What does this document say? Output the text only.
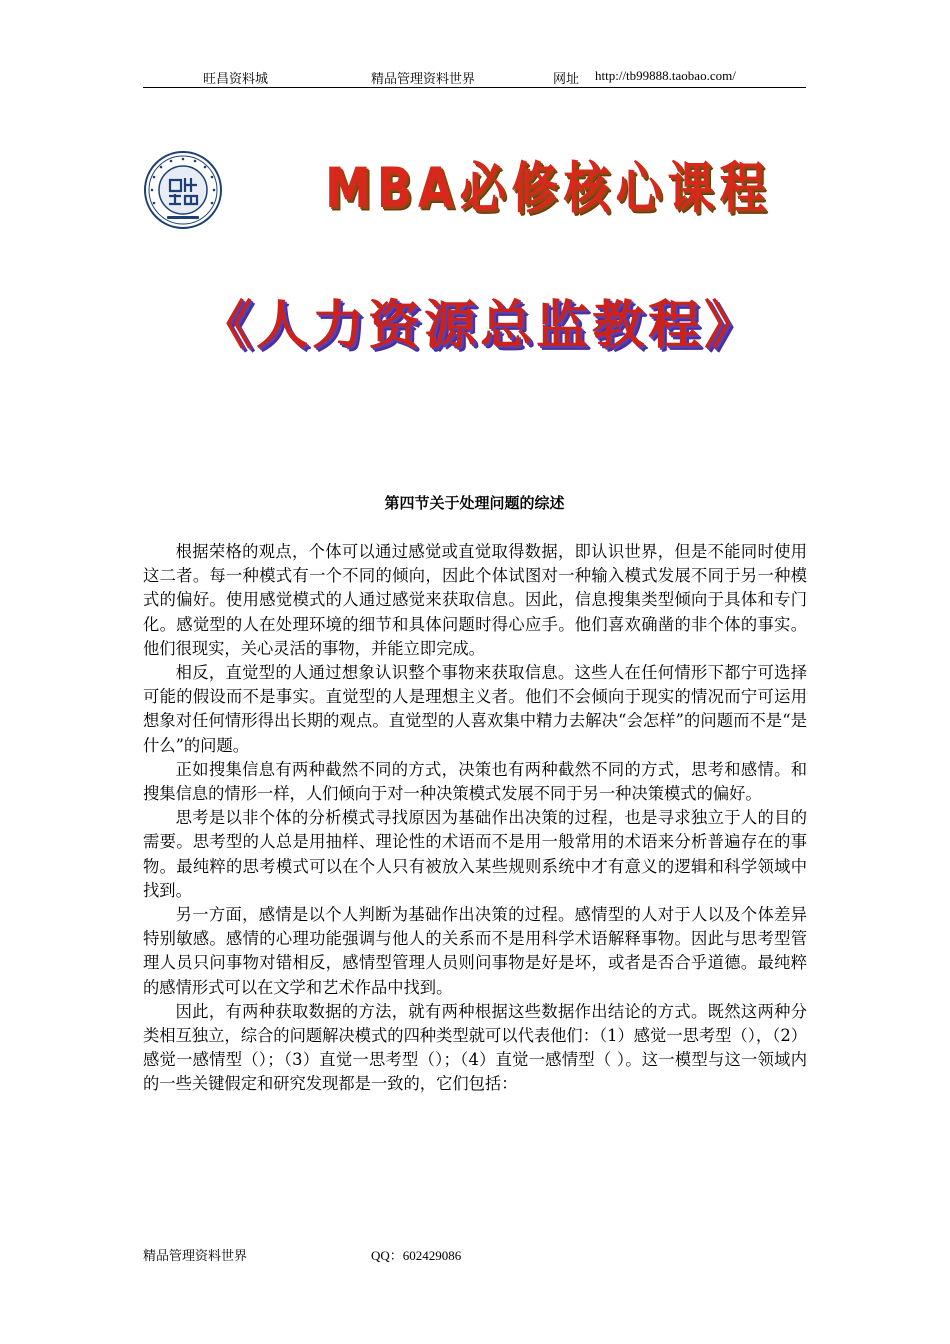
旺昌资料城	精品管理资料世界	网址 http://tb99888.taobao.com/
MBA必修核心课程
《人力资源总监教程》
第四节关于处理问题的综述

根据荣格的观点，个体可以通过感觉或直觉取得数据，即认识世界，但是不能同时使用这二者。每一种模式有一个不同的倾向，因此个体试图对一种输入模式发展不同于另一种模式的偏好。使用感觉模式的人通过感觉来获取信息。因此，信息搜集类型倾向于具体和专门化。感觉型的人在处理环境的细节和具体问题时得心应手。他们喜欢确凿的非个体的事实。他们很现实，关心灵活的事物，并能立即完成。

相反，直觉型的人通过想象认识整个事物来获取信息。这些人在任何情形下都宁可选择可能的假设而不是事实。直觉型的人是理想主义者。他们不会倾向于现实的情况而宁可运用想象对任何情形得出长期的观点。直觉型的人喜欢集中精力去解决“会怎样”的问题而不是“是什么”的问题。

正如搜集信息有两种截然不同的方式，决策也有两种截然不同的方式，思考和感情。和搜集信息的情形一样，人们倾向于对一种决策模式发展不同于另一种决策模式的偏好。

思考是以非个体的分析模式寻找原因为基础作出决策的过程，也是寻求独立于人的目的需要。思考型的人总是用抽样、理论性的术语而不是用一般常用的术语来分析普遍存在的事物。最纯粹的思考模式可以在个人只有被放入某些规则系统中才有意义的逻辑和科学领域中找到。

另一方面，感情是以个人判断为基础作出决策的过程。感情型的人对于人以及个体差异特别敏感。感情的心理功能强调与他人的关系而不是用科学术语解释事物。因此与思考型管理人员只问事物对错相反，感情型管理人员则问事物是好是坏，或者是否合乎道德。最纯粹的感情形式可以在文学和艺术作品中找到。

因此，有两种获取数据的方法，就有两种根据这些数据作出结论的方式。既然这两种分类相互独立，综合的问题解决模式的四种类型就可以代表他们：（1）感觉一思考型（），（2）感觉一感情型（）；（3）直觉一思考型（）；（4）直觉一感情型（ ）。这一模型与这一领域内的一些关键假定和研究发现都是一致的，它们包括：

精品管理资料世界	QQ：602429086
